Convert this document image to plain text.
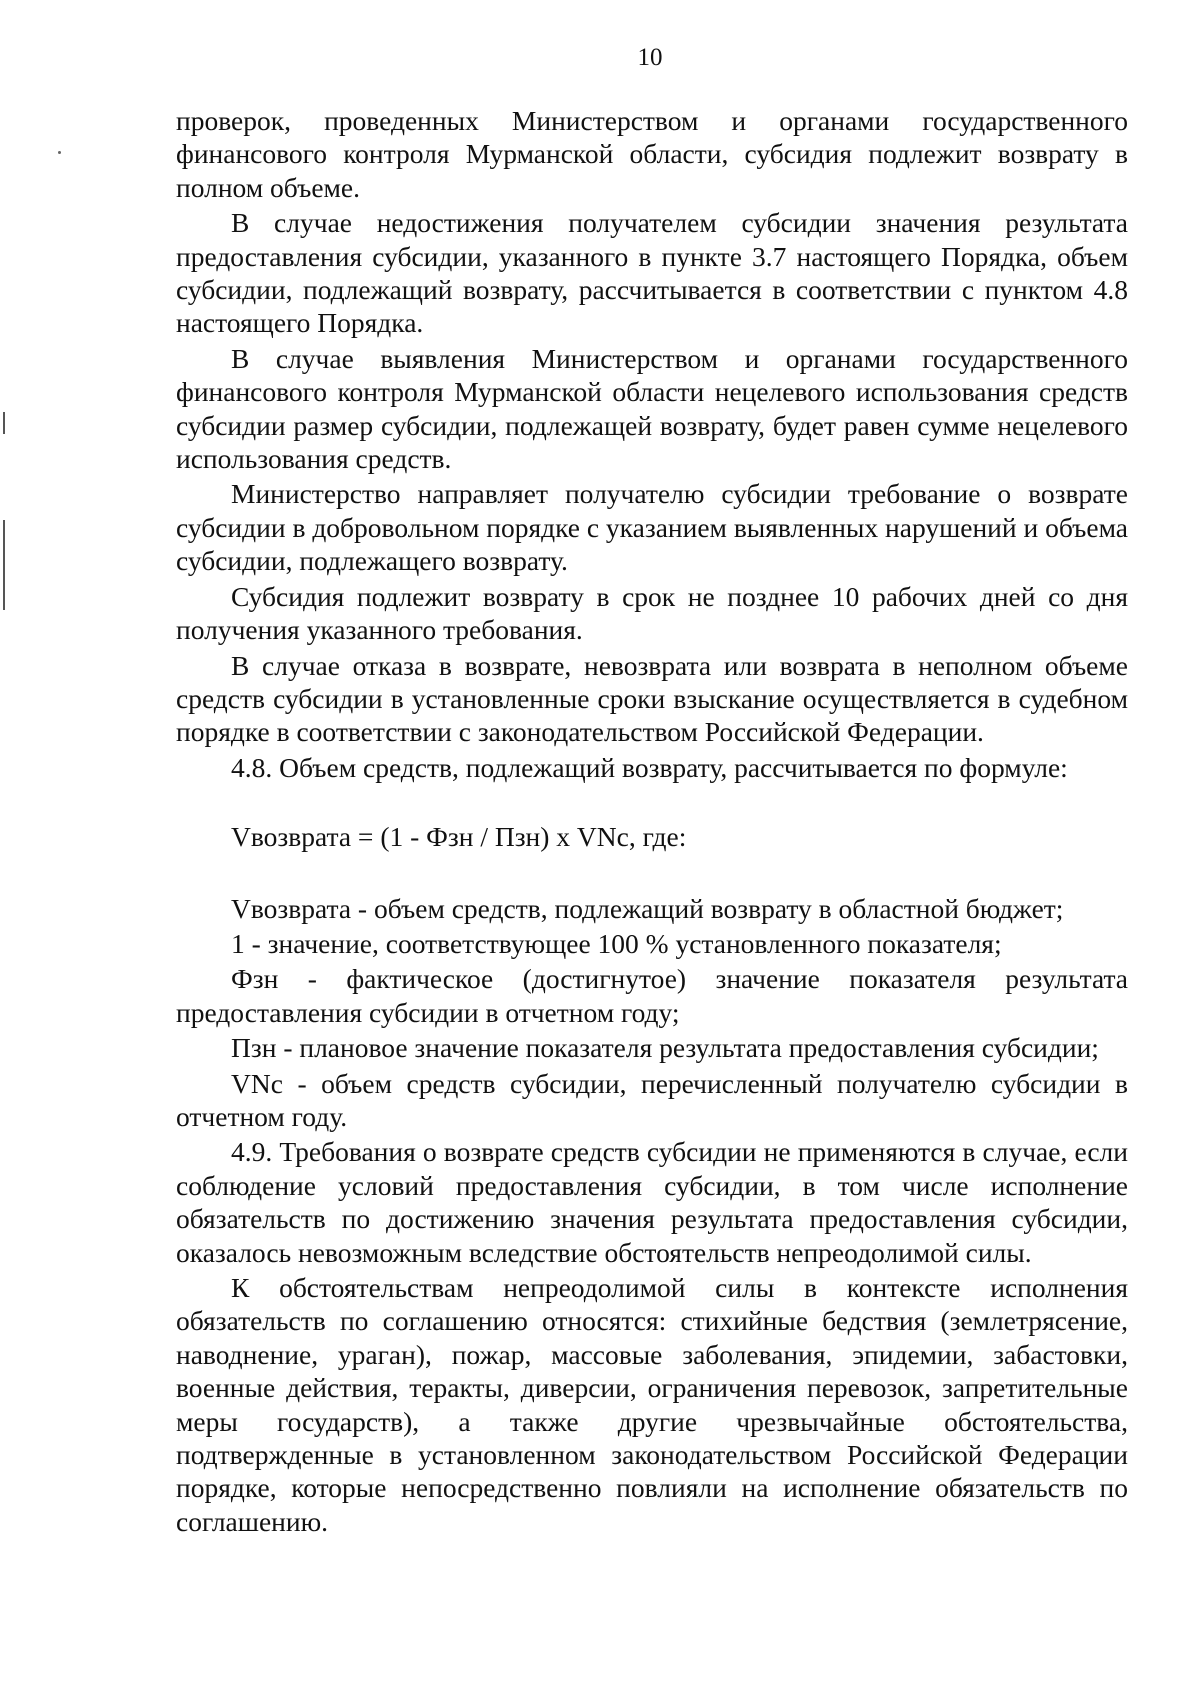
10

проверок, проведенных Министерством и органами государственного финансового контроля Мурманской области, субсидия подлежит возврату в полном объеме.

В случае недостижения получателем субсидии значения результата предоставления субсидии, указанного в пункте 3.7 настоящего Порядка, объем субсидии, подлежащий возврату, рассчитывается в соответствии с пунктом 4.8 настоящего Порядка.

В случае выявления Министерством и органами государственного финансового контроля Мурманской области нецелевого использования средств субсидии размер субсидии, подлежащей возврату, будет равен сумме нецелевого использования средств.

Министерство направляет получателю субсидии требование о возврате субсидии в добровольном порядке с указанием выявленных нарушений и объема субсидии, подлежащего возврату.

Субсидия подлежит возврату в срок не позднее 10 рабочих дней со дня получения указанного требования.

В случае отказа в возврате, невозврата или возврата в неполном объеме средств субсидии в установленные сроки взыскание осуществляется в судебном порядке в соответствии с законодательством Российской Федерации.

4.8. Объем средств, подлежащий возврату, рассчитывается по формуле:

Vвозврата = (1 - Фзн / Пзн) х VNс, где:

Vвозврата - объем средств, подлежащий возврату в областной бюджет;

1 - значение, соответствующее 100 % установленного показателя;

Фзн - фактическое (достигнутое) значение показателя результата предоставления субсидии в отчетном году;

Пзн - плановое значение показателя результата предоставления субсидии;

VNс - объем средств субсидии, перечисленный получателю субсидии в отчетном году.

4.9. Требования о возврате средств субсидии не применяются в случае, если соблюдение условий предоставления субсидии, в том числе исполнение обязательств по достижению значения результата предоставления субсидии, оказалось невозможным вследствие обстоятельств непреодолимой силы.

К обстоятельствам непреодолимой силы в контексте исполнения обязательств по соглашению относятся: стихийные бедствия (землетрясение, наводнение, ураган), пожар, массовые заболевания, эпидемии, забастовки, военные действия, теракты, диверсии, ограничения перевозок, запретительные меры государств), а также другие чрезвычайные обстоятельства, подтвержденные в установленном законодательством Российской Федерации порядке, которые непосредственно повлияли на исполнение обязательств по соглашению.
